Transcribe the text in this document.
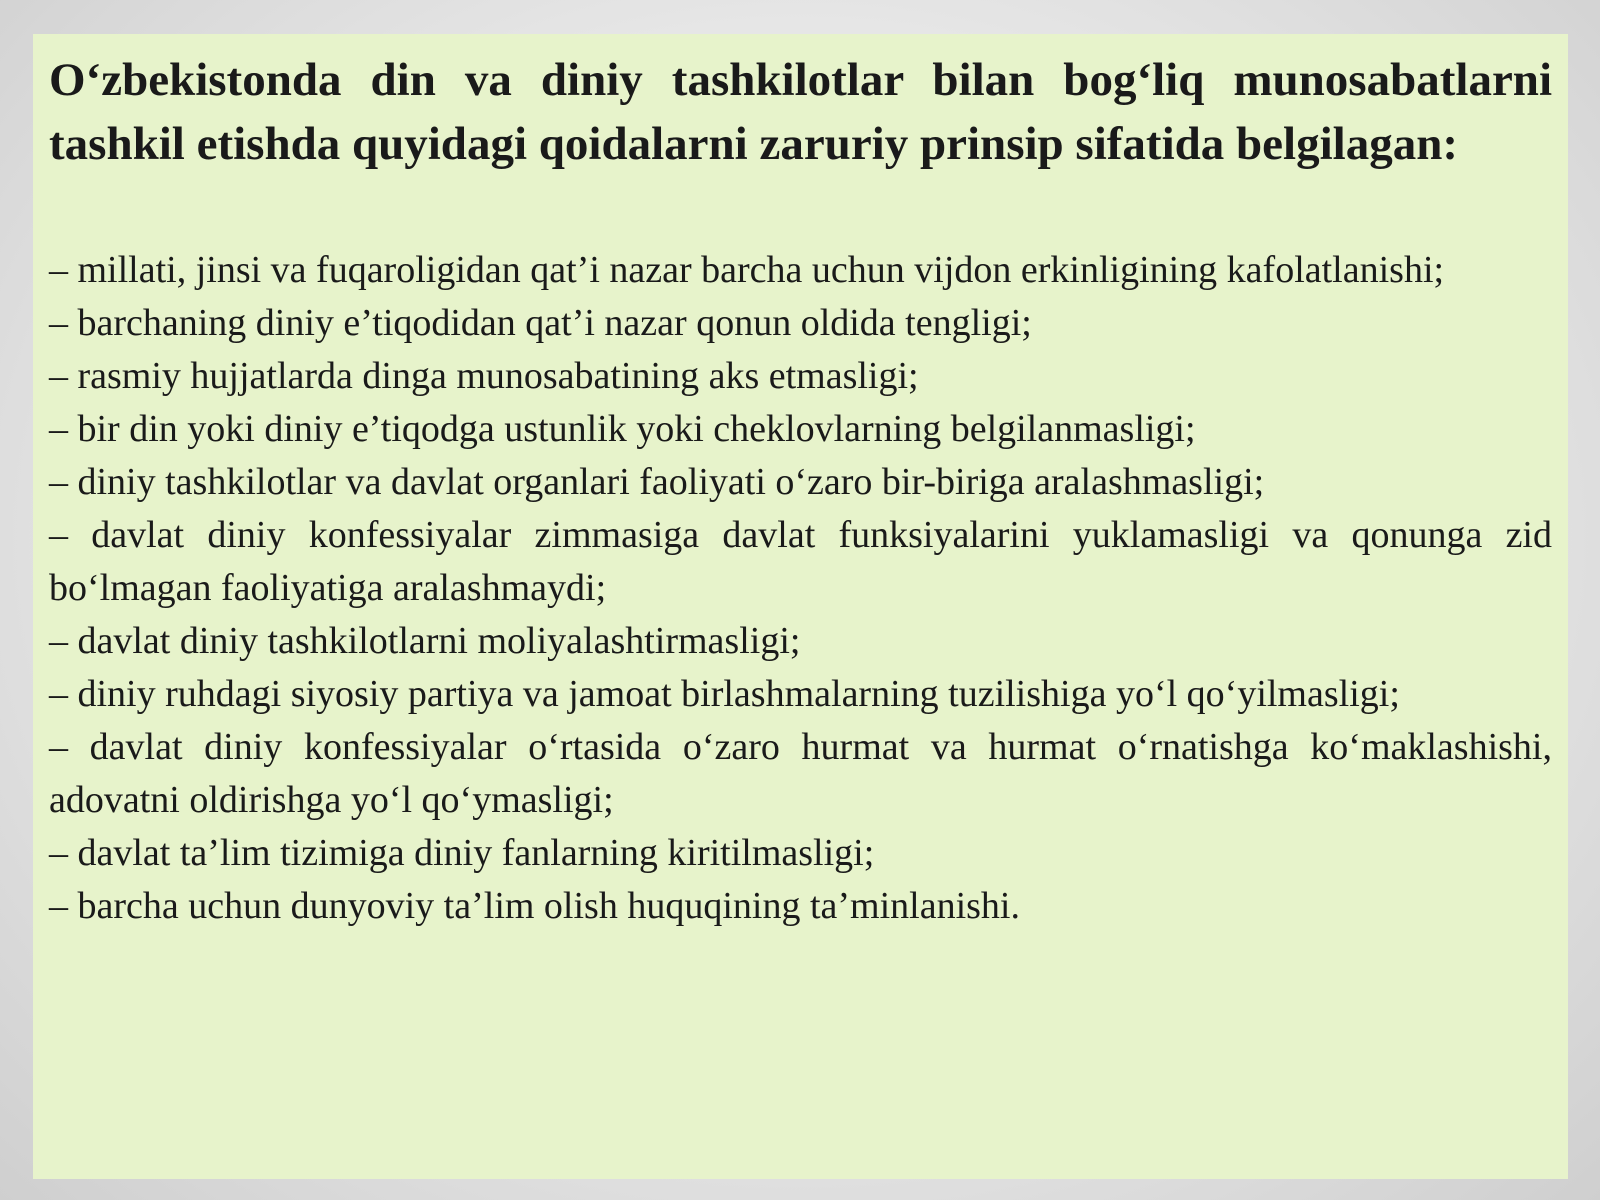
O‘zbekistonda din va diniy tashkilotlar bilan bog‘liq munosabatlarni tashkil etishda quyidagi qoidalarni zaruriy prinsip sifatida belgilagan:

– millati, jinsi va fuqaroligidan qat’i nazar barcha uchun vijdon erkinligining kafolatlanishi;
– barchaning diniy e’tiqodidan qat’i nazar qonun oldida tengligi;
– rasmiy hujjatlarda dinga munosabatining aks etmasligi;
– bir din yoki diniy e’tiqodga ustunlik yoki cheklovlarning belgilanmasligi;
– diniy tashkilotlar va davlat organlari faoliyati o‘zaro bir-biriga aralashmasligi;
– davlat diniy konfessiyalar zimmasiga davlat funksiyalarini yuklamasligi va qonunga zid bo‘lmagan faoliyatiga aralashmaydi;
– davlat diniy tashkilotlarni moliyalashtirmasligi;
– diniy ruhdagi siyosiy partiya va jamoat birlashmalarning tuzilishiga yo‘l qo‘yilmasligi;
– davlat diniy konfessiyalar o‘rtasida o‘zaro hurmat va hurmat o‘rnatishga ko‘maklashishi, adovatni oldirishga yo‘l qo‘ymasligi;
– davlat ta’lim tizimiga diniy fanlarning kiritilmasligi;
– barcha uchun dunyoviy ta’lim olish huquqining ta’minlanishi.
